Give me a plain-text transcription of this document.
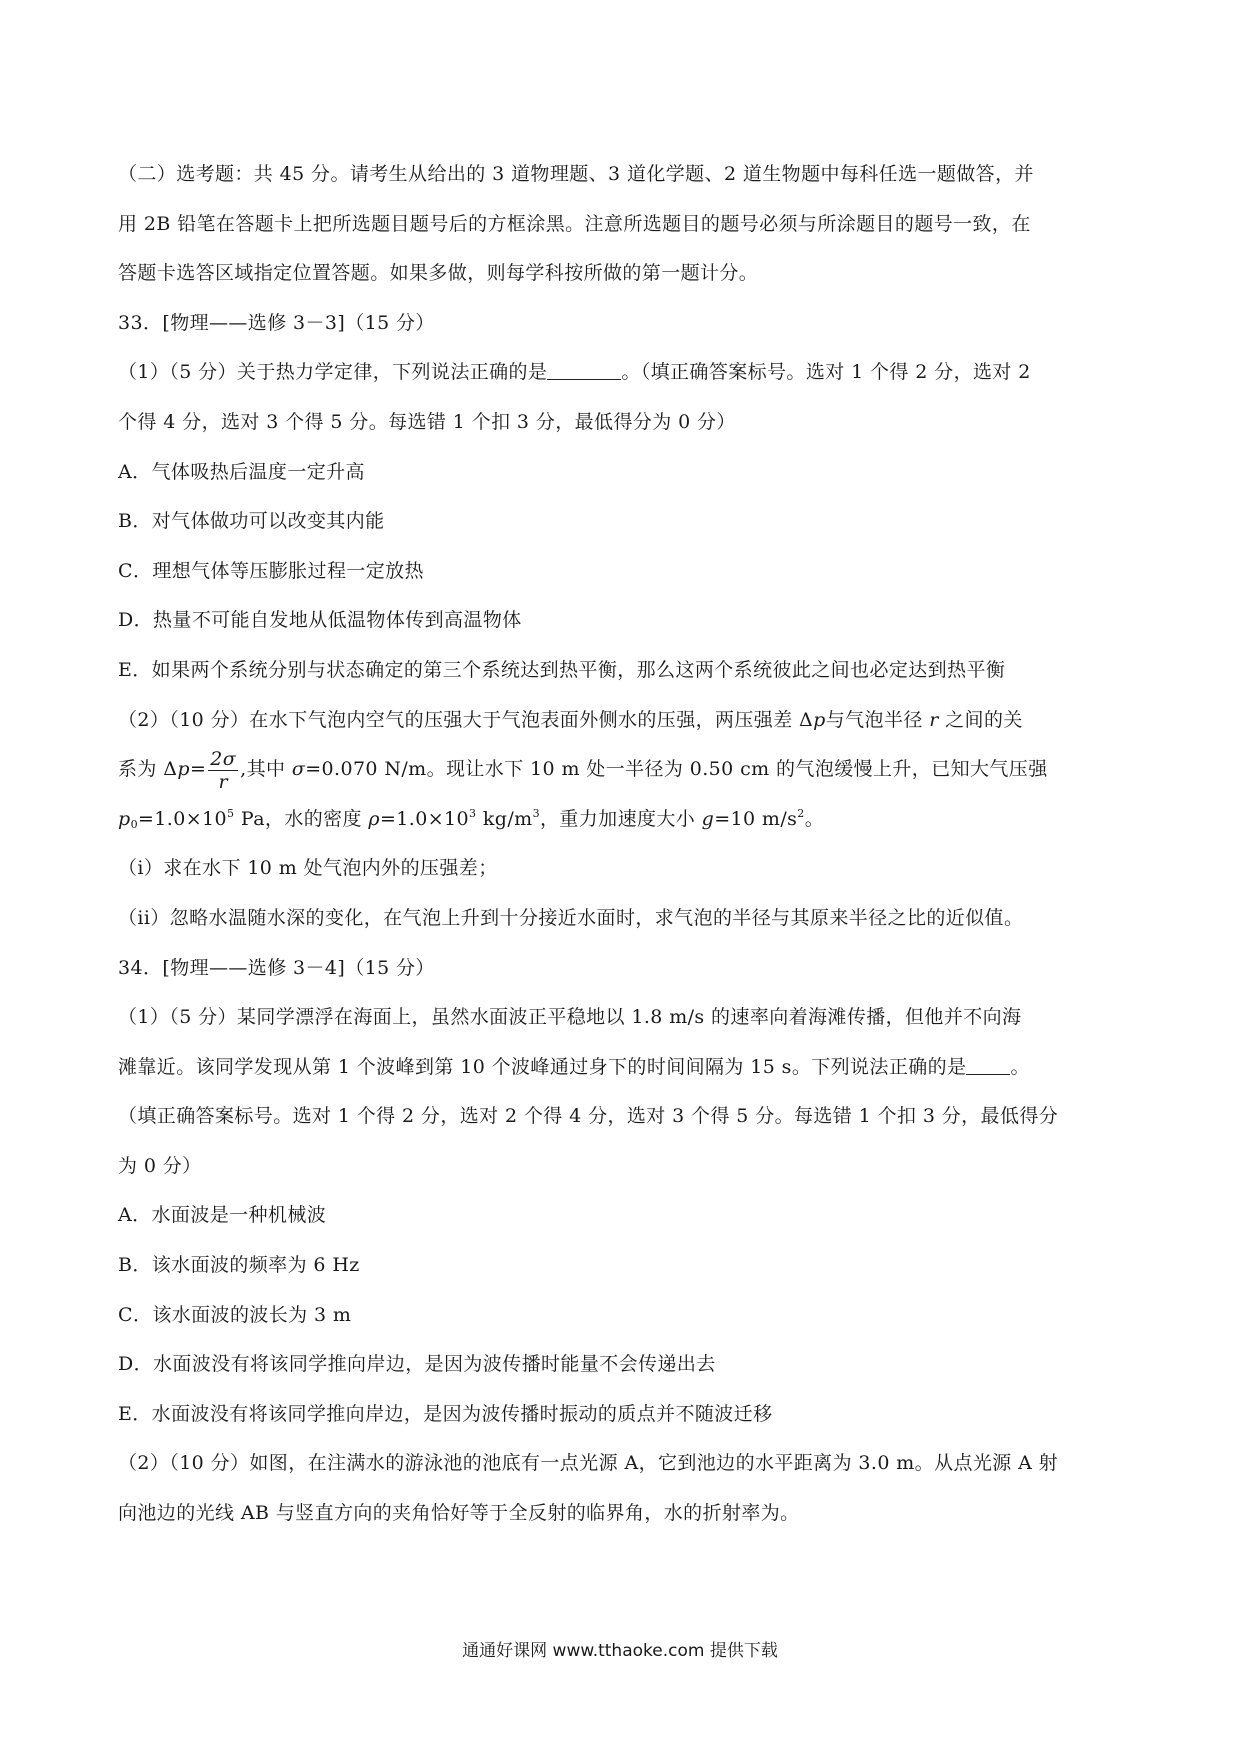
（二）选考题：共 45 分。请考生从给出的 3 道物理题、3 道化学题、2 道生物题中每科任选一题做答，并
用 2B 铅笔在答题卡上把所选题目题号后的方框涂黑。注意所选题目的题号必须与所涂题目的题号一致，在
答题卡选答区域指定位置答题。如果多做，则每学科按所做的第一题计分。
33．[物理——选修 3－3]（15 分）
（1）（5 分）关于热力学定律，下列说法正确的是	。（填正确答案标号。选对 1 个得 2 分，选对 2
个得 4 分，选对 3 个得 5 分。每选错 1 个扣 3 分，最低得分为 0 分）
A．气体吸热后温度一定升高
B．对气体做功可以改变其内能
C．理想气体等压膨胀过程一定放热
D．热量不可能自发地从低温物体传到高温物体
E．如果两个系统分别与状态确定的第三个系统达到热平衡，那么这两个系统彼此之间也必定达到热平衡
（2）（10 分）在水下气泡内空气的压强大于气泡表面外侧水的压强，两压强差 Δp与气泡半径 r 之间的关
系为 $\Delta p= \frac{2\sigma}{r}$ ,其中 σ=0.070 N/m。现让水下 10 m 处一半径为 0.50 cm 的气泡缓慢上升，已知大气压强
$p_0=1.0\times 10^5$ Pa，水的密度 $\rho=1.0\times 10^3$ $kg/m^3$，重力加速度大小 g=10 $m/s^2$。
（i）求在水下 10 m 处气泡内外的压强差；
（ii）忽略水温随水深的变化，在气泡上升到十分接近水面时，求气泡的半径与其原来半径之比的近似值。
34．[物理——选修 3－4]（15 分）
（1）（5 分）某同学漂浮在海面上，虽然水面波正平稳地以 1.8 m/s 的速率向着海滩传播，但他并不向海
滩靠近。该同学发现从第 1 个波峰到第 10 个波峰通过身下的时间间隔为 15 s。下列说法正确的是 。
（填正确答案标号。选对 1 个得 2 分，选对 2 个得 4 分，选对 3 个得 5 分。每选错 1 个扣 3 分，最低得分
为 0 分）
A．水面波是一种机械波
B．该水面波的频率为 6 Hz
C．该水面波的波长为 3 m
D．水面波没有将该同学推向岸边，是因为波传播时能量不会传递出去
E．水面波没有将该同学推向岸边，是因为波传播时振动的质点并不随波迁移
（2）（10 分）如图，在注满水的游泳池的池底有一点光源 A，它到池边的水平距离为 3.0 m。从点光源 A 射
向池边的光线 AB 与竖直方向的夹角恰好等于全反射的临界角，水的折射率为。
通通好课网 www.tthaoke.com 提供下载
